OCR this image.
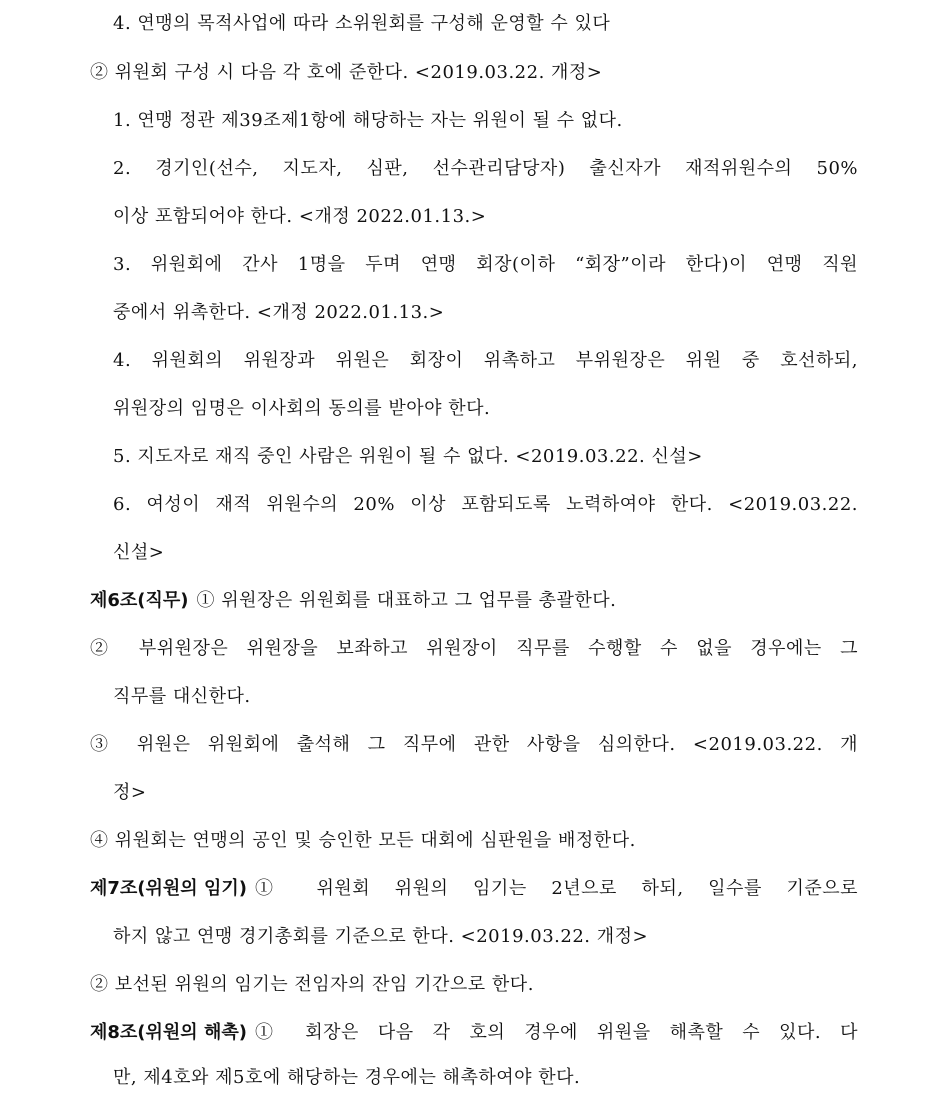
4. 연맹의 목적사업에 따라 소위원회를 구성해 운영할 수 있다
② 위원회 구성 시 다음 각 호에 준한다. <2019.03.22. 개정>
1. 연맹 정관 제39조제1항에 해당하는 자는 위원이 될 수 없다.
2. 경기인(선수, 지도자, 심판, 선수관리담당자) 출신자가 재적위원수의 50%
이상 포함되어야 한다. <개정 2022.01.13.>
3. 위원회에 간사 1명을 두며 연맹 회장(이하 “회장”이라 한다)이 연맹 직원
중에서 위촉한다. <개정 2022.01.13.>
4. 위원회의 위원장과 위원은 회장이 위촉하고 부위원장은 위원 중 호선하되,
위원장의 임명은 이사회의 동의를 받아야 한다.
5. 지도자로 재직 중인 사람은 위원이 될 수 없다. <2019.03.22. 신설>
6. 여성이 재적 위원수의 20% 이상 포함되도록 노력하여야 한다. <2019.03.22.
신설>
제6조(직무) ① 위원장은 위원회를 대표하고 그 업무를 총괄한다.
② 부위원장은 위원장을 보좌하고 위원장이 직무를 수행할 수 없을 경우에는 그
직무를 대신한다.
③ 위원은 위원회에 출석해 그 직무에 관한 사항을 심의한다. <2019.03.22. 개
정>
④ 위원회는 연맹의 공인 및 승인한 모든 대회에 심판원을 배정한다.
제7조(위원의 임기) ① 위원회 위원의 임기는 2년으로 하되, 일수를 기준으로
하지 않고 연맹 경기총회를 기준으로 한다. <2019.03.22. 개정>
② 보선된 위원의 임기는 전임자의 잔임 기간으로 한다.
제8조(위원의 해촉) ① 회장은 다음 각 호의 경우에 위원을 해촉할 수 있다. 다
만, 제4호와 제5호에 해당하는 경우에는 해촉하여야 한다.
